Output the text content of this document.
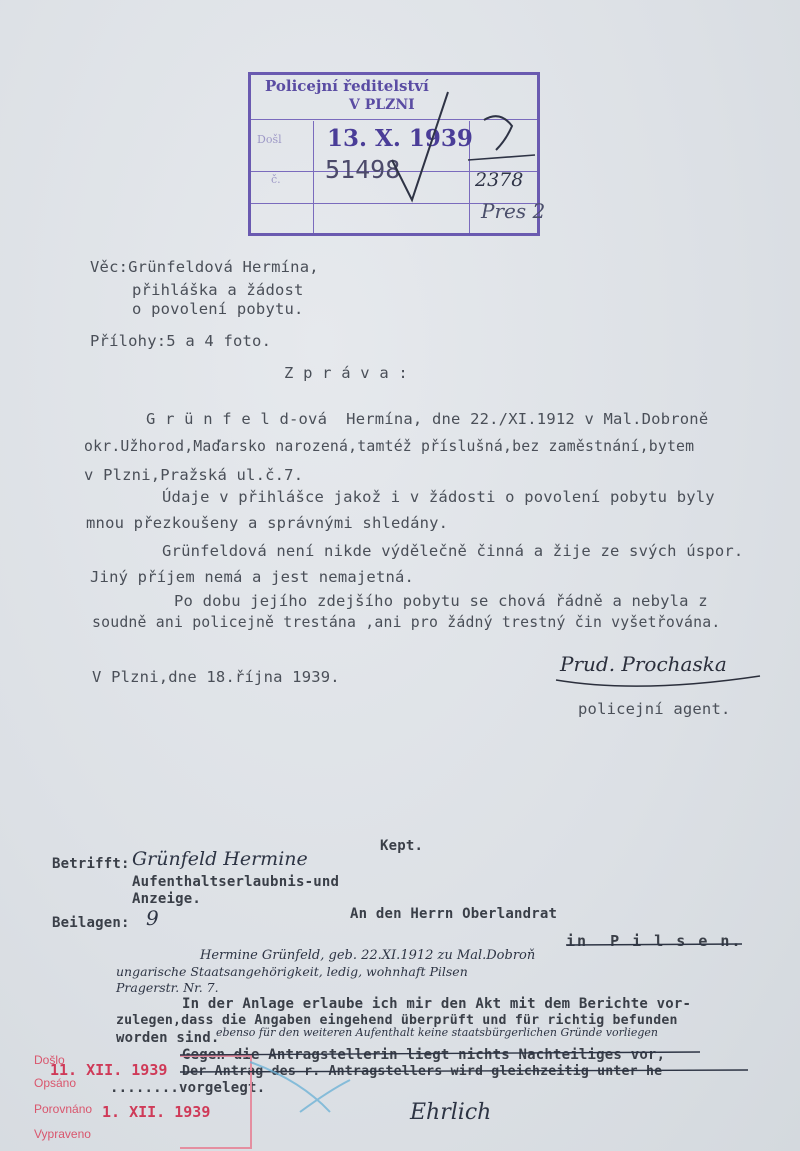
Policejní ředitelství
V PLZNI
Došl
č.
13. X. 1939
51498	2378
Pres 2
Věc:Grünfeldová Hermína,
přihláška a žádost
o povolení pobytu.
Přílohy:5 a 4 foto.
Z p r á v a :
G r ü n f e l d-ová  Hermína, dne 22./XI.1912 v Mal.Dobroně
okr.Užhorod,Maďarsko narozená,tamtéž příslušná,bez zaměstnání,bytem
v Plzni,Pražská ul.č.7.
Údaje v přihlášce jakož i v žádosti o povolení pobytu byly
mnou přezkoušeny a správnými shledány.
Grünfeldová není nikde výdělečně činná a žije ze svých úspor.
Jiný příjem nemá a jest nemajetná.
Po dobu jejího zdejšího pobytu se chová řádně a nebyla z
soudně ani policejně trestána ,ani pro žádný trestný čin vyšetřována.
V Plzni,dne 18.října 1939.
Prud. Prochaska
policejní agent.
Kept.
Betrifft: Grünfeld Hermine
Aufenthaltserlaubnis-und
Anzeige.
Beilagen: 9	An den Herrn Oberlandrat
in  P i l s e n.
Hermine Grünfeld, geb. 22.XI.1912 zu Mal.Dobroň
ungarische Staatsangehörigkeit, ledig, wohnhaft Pilsen
Pragerstr. Nr. 7.
In der Anlage erlaube ich mir den Akt mit dem Berichte vor-
zulegen,dass die Angaben eingehend überprüft und für richtig befunden
worden sind.
ebenso für den weiteren Aufenthalt keine staatsbürgerlichen Gründe vorliegen
Gegen die Antragstellerin liegt nichts Nachteiliges vor,
Der Antrag des r. Antragstellers wird gleichzeitig unter he
........vorgelegt.
Ehrlich
Došlo
Opsáno
Porovnáno
Vypraveno
11. XII. 1939
1. XII. 1939
